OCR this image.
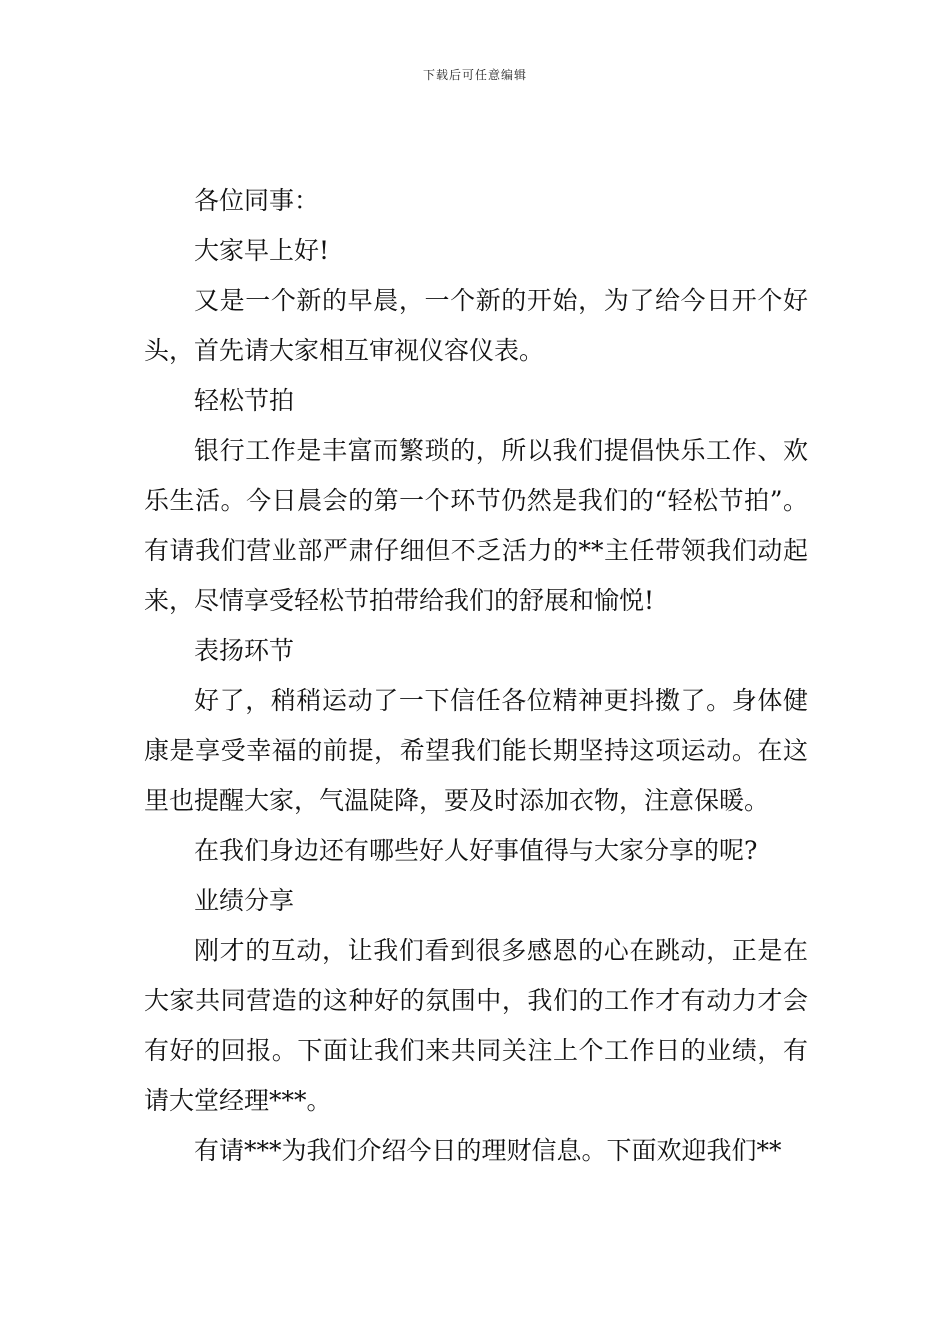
下载后可任意编辑

各位同事：

大家早上好!

又是一个新的早晨，一个新的开始，为了给今日开个好头，首先请大家相互审视仪容仪表。

轻松节拍

银行工作是丰富而繁琐的，所以我们提倡快乐工作、欢乐生活。今日晨会的第一个环节仍然是我们的“轻松节拍”。有请我们营业部严肃仔细但不乏活力的**主任带领我们动起来，尽情享受轻松节拍带给我们的舒展和愉悦!

表扬环节

好了，稍稍运动了一下信任各位精神更抖擞了。身体健康是享受幸福的前提，希望我们能长期坚持这项运动。在这里也提醒大家，气温陡降，要及时添加衣物，注意保暖。

在我们身边还有哪些好人好事值得与大家分享的呢?

业绩分享

刚才的互动，让我们看到很多感恩的心在跳动，正是在大家共同营造的这种好的氛围中，我们的工作才有动力才会有好的回报。下面让我们来共同关注上个工作日的业绩，有请大堂经理***。

有请***为我们介绍今日的理财信息。下面欢迎我们**
